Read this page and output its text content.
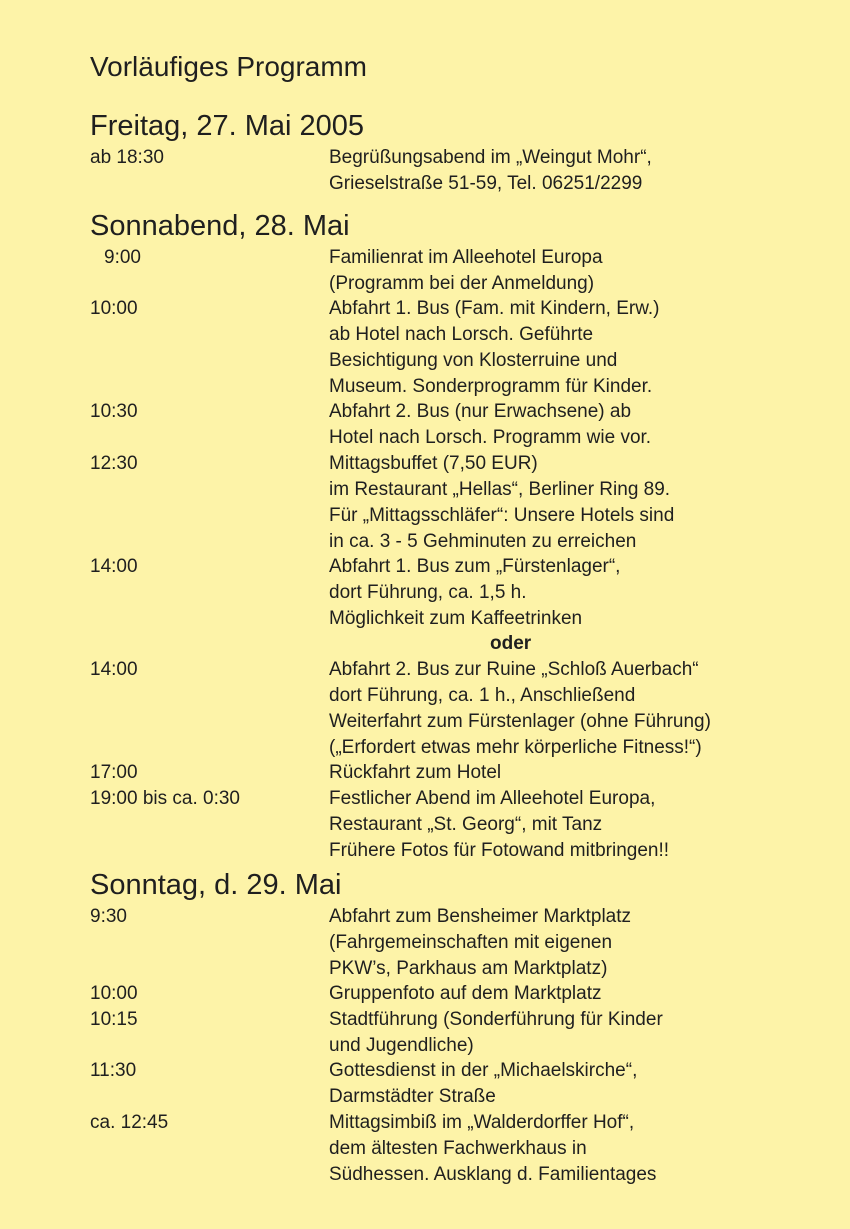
Vorläufiges Programm
Freitag, 27. Mai 2005
ab 18:30	Begrüßungsabend im „Weingut Mohr“,
Grieselstraße 51-59, Tel. 06251/2299
Sonnabend, 28. Mai
9:00	Familienrat im Alleehotel Europa
(Programm bei der Anmeldung)
10:00	Abfahrt 1. Bus (Fam. mit Kindern, Erw.)
ab Hotel nach Lorsch. Geführte
Besichtigung von Klosterruine und
Museum. Sonderprogramm für Kinder.
10:30	Abfahrt 2. Bus (nur Erwachsene) ab
Hotel nach Lorsch. Programm wie vor.
12:30	Mittagsbuffet (7,50 EUR)
im Restaurant „Hellas“, Berliner Ring 89.
Für „Mittagsschläfer“: Unsere Hotels sind
in ca. 3 - 5 Gehminuten zu erreichen
14:00	Abfahrt 1. Bus zum „Fürstenlager“,
dort Führung, ca. 1,5 h.
Möglichkeit zum Kaffeetrinken
oder
14:00	Abfahrt 2. Bus zur Ruine „Schloß Auerbach“
dort Führung, ca. 1 h., Anschließend
Weiterfahrt zum Fürstenlager (ohne Führung)
(„Erfordert etwas mehr körperliche Fitness!“)
17:00	Rückfahrt zum Hotel
19:00 bis ca. 0:30	Festlicher Abend im Alleehotel Europa,
Restaurant „St. Georg“, mit Tanz
Frühere Fotos für Fotowand mitbringen!!
Sonntag, d. 29. Mai
9:30	Abfahrt zum Bensheimer Marktplatz
(Fahrgemeinschaften mit eigenen
PKW’s, Parkhaus am Marktplatz)
10:00	Gruppenfoto auf dem Marktplatz
10:15	Stadtführung (Sonderführung für Kinder
und Jugendliche)
11:30	Gottesdienst in der „Michaelskirche“,
Darmstädter Straße
ca. 12:45	Mittagsimbiß im „Walderdorffer Hof“,
dem ältesten Fachwerkhaus in
Südhessen. Ausklang d. Familientages
